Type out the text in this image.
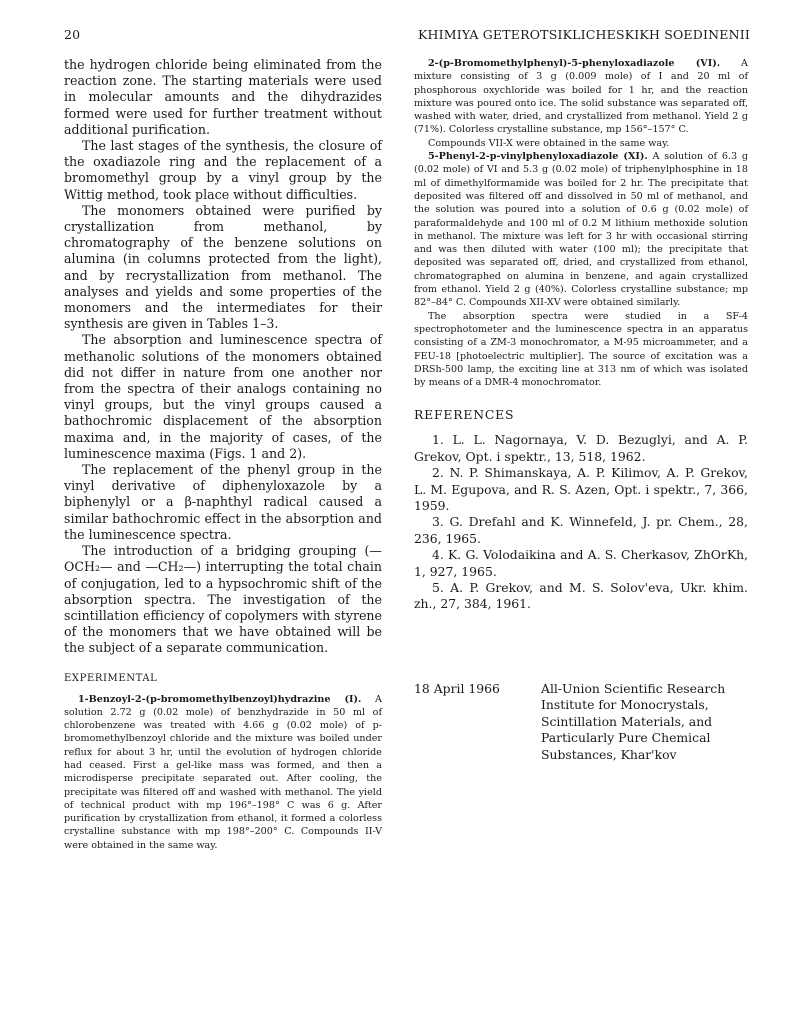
20	KHIMIYA GETEROTSIKLICHESKIKH SOEDINENII

the hydrogen chloride being eliminated from the reaction zone. The starting materials were used in molecular amounts and the dihydrazides formed were used for further treatment without additional purification.

The last stages of the synthesis, the closure of the oxadiazole ring and the replacement of a bromomethyl group by a vinyl group by the Wittig method, took place without difficulties.

The monomers obtained were purified by crystallization from methanol, by chromatography of the benzene solutions on alumina (in columns protected from the light), and by recrystallization from methanol. The analyses and yields and some properties of the monomers and the intermediates for their synthesis are given in Tables 1–3.

The absorption and luminescence spectra of methanolic solutions of the monomers obtained did not differ in nature from one another nor from the spectra of their analogs containing no vinyl groups, but the vinyl groups caused a bathochromic displacement of the absorption maxima and, in the majority of cases, of the luminescence maxima (Figs. 1 and 2).

The replacement of the phenyl group in the vinyl derivative of diphenyloxazole by a biphenylyl or a β-naphthyl radical caused a similar bathochromic effect in the absorption and the luminescence spectra.

The introduction of a bridging grouping (—OCH₂— and —CH₂—) interrupting the total chain of conjugation, led to a hypsochromic shift of the absorption spectra. The investigation of the scintillation efficiency of copolymers with styrene of the monomers that we have obtained will be the subject of a separate communication.

EXPERIMENTAL

1-Benzoyl-2-(p-bromomethylbenzoyl)hydrazine (I). A solution 2.72 g (0.02 mole) of benzhydrazide in 50 ml of chlorobenzene was treated with 4.66 g (0.02 mole) of p-bromomethylbenzoyl chloride and the mixture was boiled under reflux for about 3 hr, until the evolution of hydrogen chloride had ceased. First a gel-like mass was formed, and then a microdisperse precipitate separated out. After cooling, the precipitate was filtered off and washed with methanol. The yield of technical product with mp 196°–198° C was 6 g. After purification by crystallization from ethanol, it formed a colorless crystalline substance with mp 198°–200° C. Compounds II-V were obtained in the same way.

2-(p-Bromomethylphenyl)-5-phenyloxadiazole (VI). A mixture consisting of 3 g (0.009 mole) of I and 20 ml of phosphorous oxychloride was boiled for 1 hr, and the reaction mixture was poured onto ice. The solid substance was separated off, washed with water, dried, and crystallized from methanol. Yield 2 g (71%). Colorless crystalline substance, mp 156°–157° C.

Compounds VII-X were obtained in the same way.

5-Phenyl-2-p-vinylphenyloxadiazole (XI). A solution of 6.3 g (0.02 mole) of VI and 5.3 g (0.02 mole) of triphenylphosphine in 18 ml of dimethylformamide was boiled for 2 hr. The precipitate that deposited was filtered off and dissolved in 50 ml of methanol, and the solution was poured into a solution of 0.6 g (0.02 mole) of paraformaldehyde and 100 ml of 0.2 M lithium methoxide solution in methanol. The mixture was left for 3 hr with occasional stirring and was then diluted with water (100 ml); the precipitate that deposited was separated off, dried, and crystallized from ethanol, chromatographed on alumina in benzene, and again crystallized from ethanol. Yield 2 g (40%). Colorless crystalline substance; mp 82°–84° C. Compounds XII-XV were obtained similarly.

The absorption spectra were studied in a SF-4 spectrophotometer and the luminescence spectra in an apparatus consisting of a ZM-3 monochromator, a M-95 microammeter, and a FEU-18 [photoelectric multiplier]. The source of excitation was a DRSh-500 lamp, the exciting line at 313 nm of which was isolated by means of a DMR-4 monochromator.

REFERENCES

1. L. L. Nagornaya, V. D. Bezuglyi, and A. P. Grekov, Opt. i spektr., 13, 518, 1962.

2. N. P. Shimanskaya, A. P. Kilimov, A. P. Grekov, L. M. Egupova, and R. S. Azen, Opt. i spektr., 7, 366, 1959.

3. G. Drefahl and K. Winnefeld, J. pr. Chem., 28, 236, 1965.

4. K. G. Volodaikina and A. S. Cherkasov, ZhOrKh, 1, 927, 1965.

5. A. P. Grekov, and M. S. Solov'eva, Ukr. khim. zh., 27, 384, 1961.

18 April 1966	All-Union Scientific Research Institute for Monocrystals, Scintillation Materials, and Particularly Pure Chemical Substances, Khar'kov
